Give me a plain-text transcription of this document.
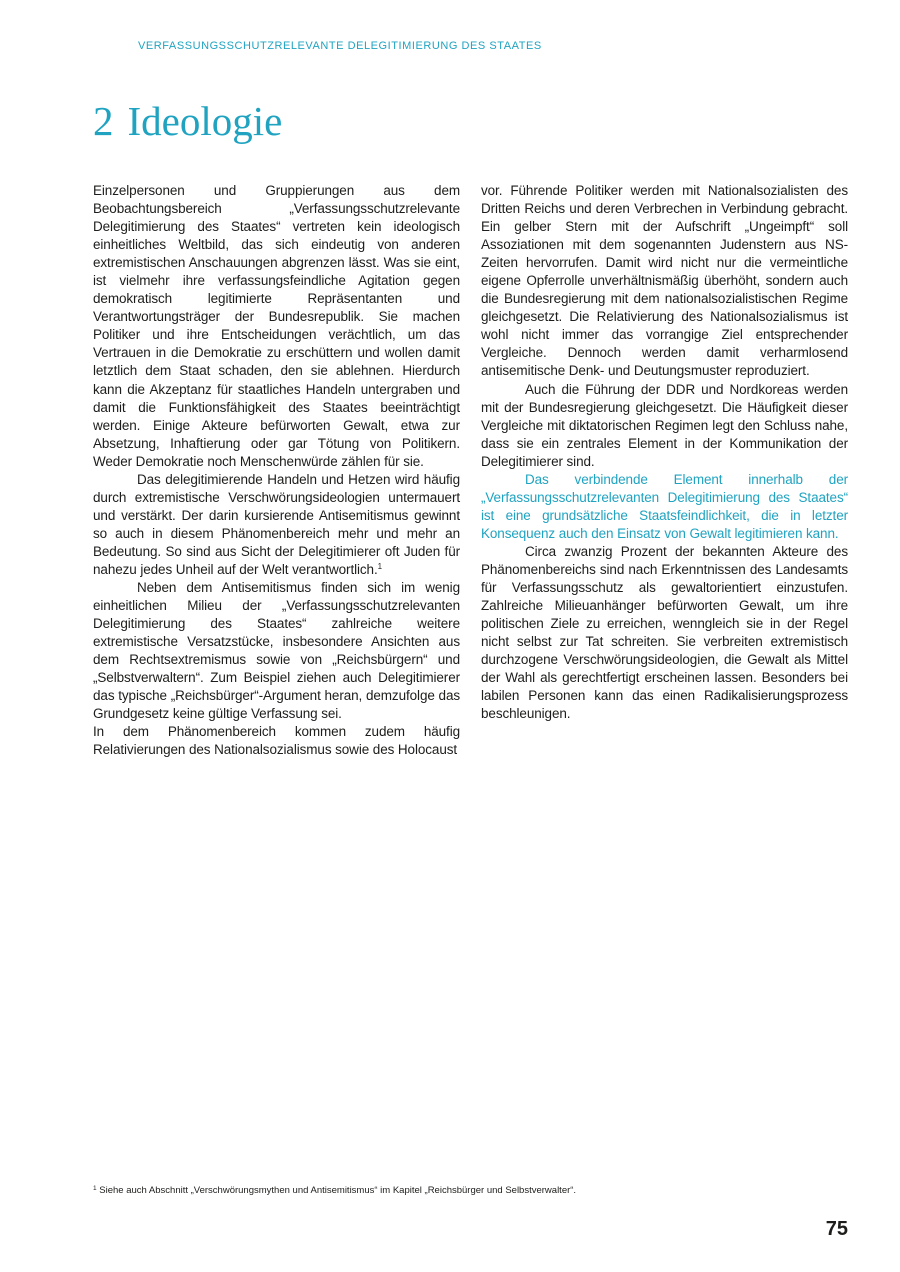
VERFASSUNGSSCHUTZRELEVANTE DELEGITIMIERUNG DES STAATES
2 Ideologie

Einzelpersonen und Gruppierungen aus dem Beobachtungsbereich „Verfassungsschutzrelevante Delegitimierung des Staates“ vertreten kein ideologisch einheitliches Weltbild, das sich eindeutig von anderen extremistischen Anschauungen abgrenzen lässt. Was sie eint, ist vielmehr ihre verfassungsfeindliche Agitation gegen demokratisch legitimierte Repräsentanten und Verantwortungsträger der Bundesrepublik. Sie machen Politiker und ihre Entscheidungen verächtlich, um das Vertrauen in die Demokratie zu erschüttern und wollen damit letztlich dem Staat schaden, den sie ablehnen. Hierdurch kann die Akzeptanz für staatliches Handeln untergraben und damit die Funktionsfähigkeit des Staates beeinträchtigt werden. Einige Akteure befürworten Gewalt, etwa zur Absetzung, Inhaftierung oder gar Tötung von Politikern. Weder Demokratie noch Menschenwürde zählen für sie.

Das delegitimierende Handeln und Hetzen wird häufig durch extremistische Verschwörungsideologien untermauert und verstärkt. Der darin kursierende Antisemitismus gewinnt so auch in diesem Phänomenbereich mehr und mehr an Bedeutung. So sind aus Sicht der Delegitimierer oft Juden für nahezu jedes Unheil auf der Welt verantwortlich.$^1$

Neben dem Antisemitismus finden sich im wenig einheitlichen Milieu der „Verfassungsschutzrelevanten Delegitimierung des Staates“ zahlreiche weitere extremistische Versatzstücke, insbesondere Ansichten aus dem Rechtsextremismus sowie von „Reichsbürgern“ und „Selbstverwaltern“. Zum Beispiel ziehen auch Delegitimierer das typische „Reichsbürger“-Argument heran, demzufolge das Grundgesetz keine gültige Verfassung sei.

In dem Phänomenbereich kommen zudem häufig Relativierungen des Nationalsozialismus sowie des Holocaust

vor. Führende Politiker werden mit Nationalsozialisten des Dritten Reichs und deren Verbrechen in Verbindung gebracht. Ein gelber Stern mit der Aufschrift „Ungeimpft“ soll Assoziationen mit dem sogenannten Judenstern aus NS-Zeiten hervorrufen. Damit wird nicht nur die vermeintliche eigene Opferrolle unverhältnismäßig überhöht, sondern auch die Bundesregierung mit dem nationalsozialistischen Regime gleichgesetzt. Die Relativierung des Nationalsozialismus ist wohl nicht immer das vorrangige Ziel entsprechender Vergleiche. Dennoch werden damit verharmlosend antisemitische Denk- und Deutungsmuster reproduziert.

Auch die Führung der DDR und Nordkoreas werden mit der Bundesregierung gleichgesetzt. Die Häufigkeit dieser Vergleiche mit diktatorischen Regimen legt den Schluss nahe, dass sie ein zentrales Element in der Kommunikation der Delegitimierer sind.

Das verbindende Element innerhalb der „Verfassungsschutzrelevanten Delegitimierung des Staates“ ist eine grundsätzliche Staatsfeindlichkeit, die in letzter Konsequenz auch den Einsatz von Gewalt legitimieren kann.

Circa zwanzig Prozent der bekannten Akteure des Phänomenbereichs sind nach Erkenntnissen des Landesamts für Verfassungsschutz als gewaltorientiert einzustufen. Zahlreiche Milieuanhänger befürworten Gewalt, um ihre politischen Ziele zu erreichen, wenngleich sie in der Regel nicht selbst zur Tat schreiten. Sie verbreiten extremistisch durchzogene Verschwörungsideologien, die Gewalt als Mittel der Wahl als gerechtfertigt erscheinen lassen. Besonders bei labilen Personen kann das einen Radikalisierungsprozess beschleunigen.

$^1$ Siehe auch Abschnitt „Verschwörungsmythen und Antisemitismus“ im Kapitel „Reichsbürger und Selbstverwalter“.
75
